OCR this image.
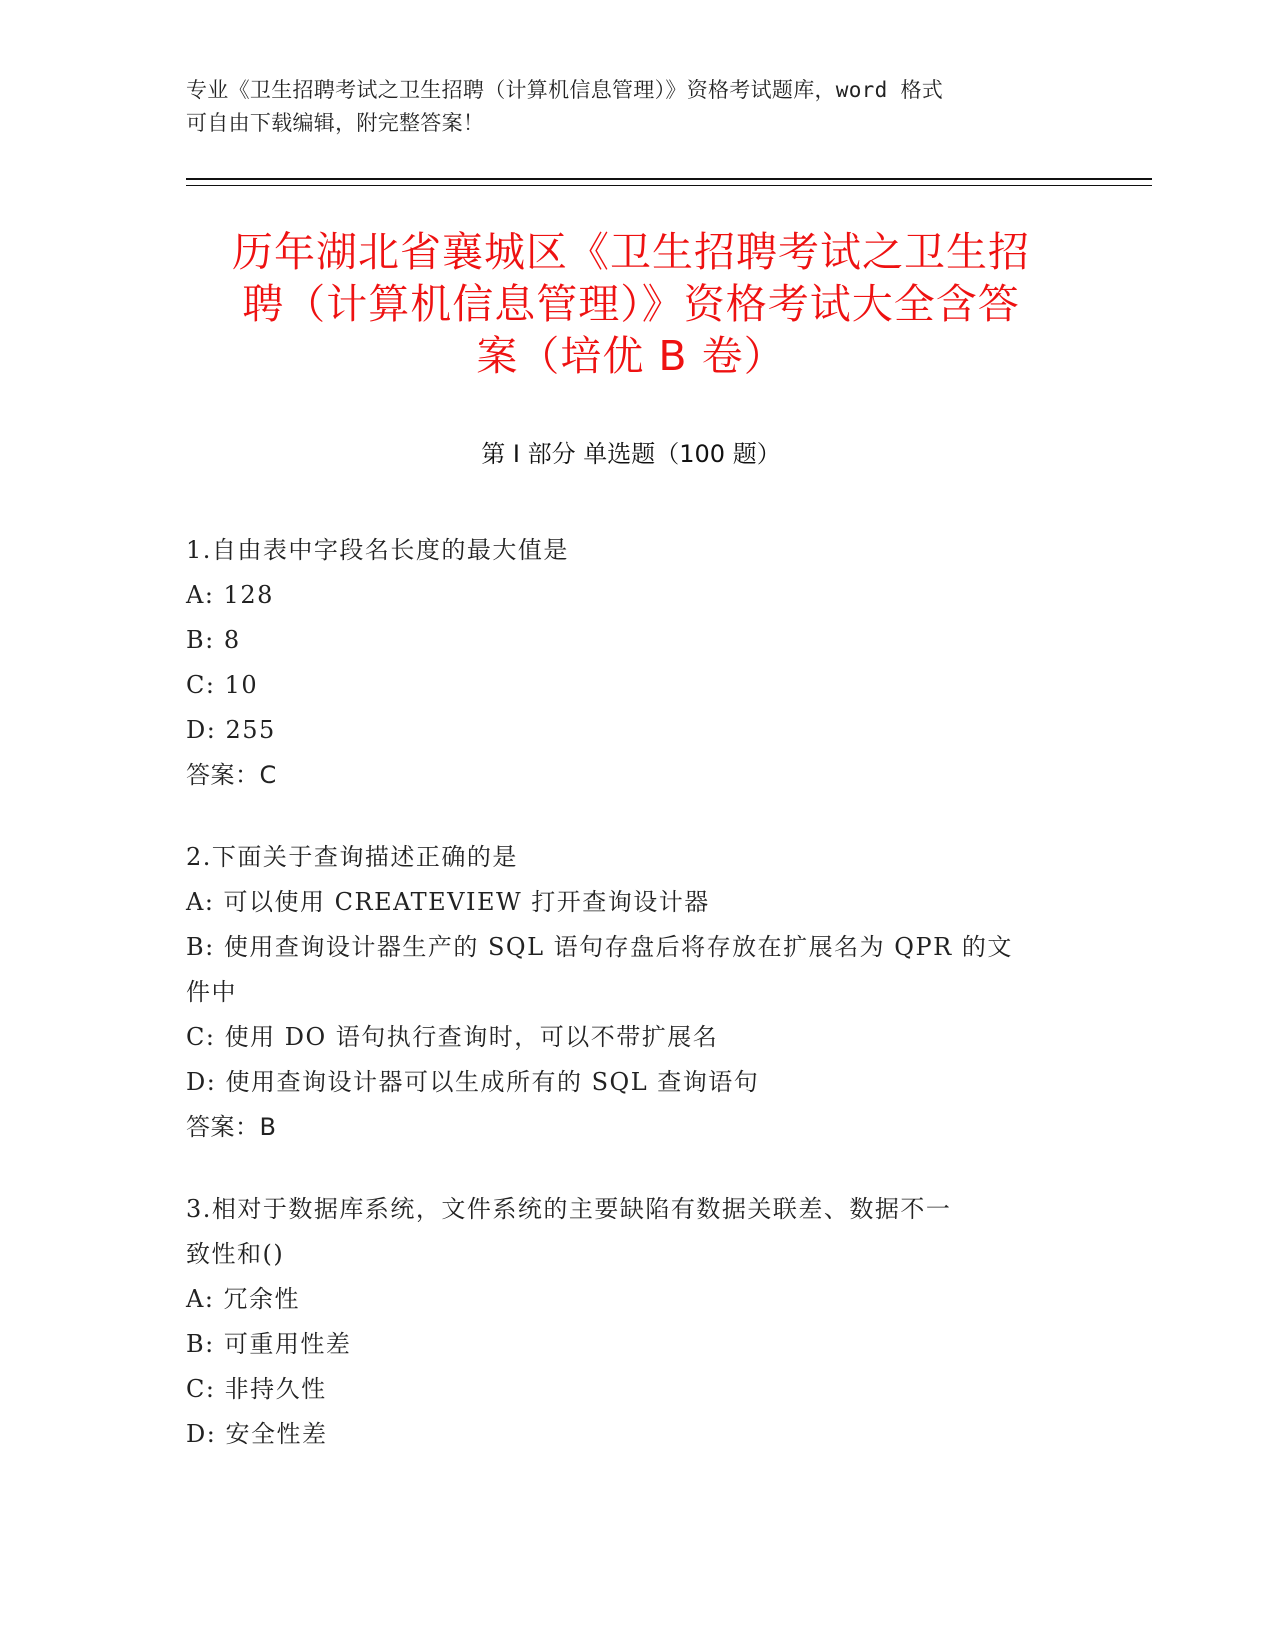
专业《卫生招聘考试之卫生招聘（计算机信息管理）》资格考试题库，word 格式
可自由下载编辑，附完整答案！
历年湖北省襄城区《卫生招聘考试之卫生招
聘（计算机信息管理）》资格考试大全含答
案（培优 B 卷）
第 I 部分 单选题（100 题）
1.自由表中字段名长度的最大值是
A: 128
B: 8
C: 10
D: 255
答案：C
2.下面关于查询描述正确的是
A: 可以使用 CREATEVIEW 打开查询设计器
B: 使用查询设计器生产的 SQL 语句存盘后将存放在扩展名为 QPR 的文
件中
C: 使用 DO 语句执行查询时，可以不带扩展名
D: 使用查询设计器可以生成所有的 SQL 查询语句
答案：B
3.相对于数据库系统，文件系统的主要缺陷有数据关联差、数据不一
致性和()
A: 冗余性
B: 可重用性差
C: 非持久性
D: 安全性差
